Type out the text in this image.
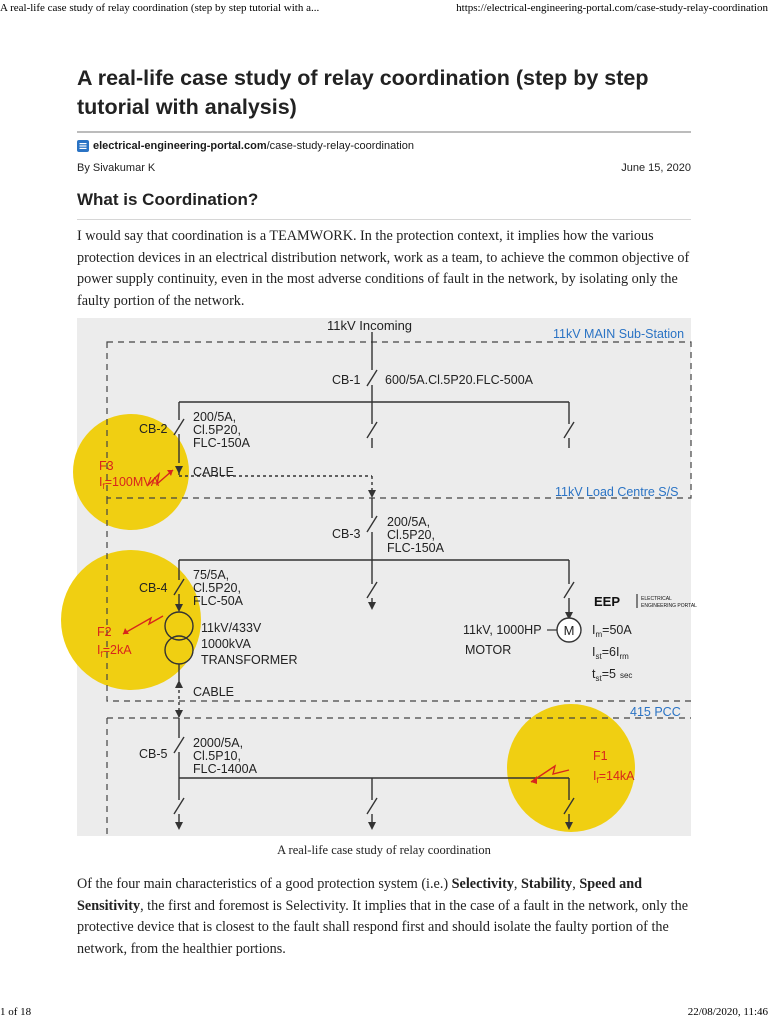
A real-life case study of relay coordination (step by step tutorial with a...	https://electrical-engineering-portal.com/case-study-relay-coordination
A real-life case study of relay coordination (step by step tutorial with analysis)
electrical-engineering-portal.com /case-study-relay-coordination
By Sivakumar K	June 15, 2020
What is Coordination?

I would say that coordination is a TEAMWORK. In the protection context, it implies how the various protection devices in an electrical distribution network, work as a team, to achieve the common objective of power supply continuity, even in the most adverse conditions of fault in the network, by isolating only the faulty portion of the network.

M
11kV Incoming
11kV MAIN Sub-Station
11kV Load Centre S/S
415 PCC
CB-1 600/5A.Cl.5P20.FLC-500A
CB-2
200/5A,
Cl.5P20,
FLC-150A
CABLE
CB-3
200/5A,
Cl.5P20,
FLC-150A
CB-4
75/5A,
Cl.5P20,
FLC-50A
11kV/433V
1000kVA
TRANSFORMER
CABLE
11kV, 1000HP
MOTOR
CB-5
2000/5A,
Cl.5P10,
FLC-1400A
$I_m=50A$
$I_{st}=6I_{rm}$
$t_{st}=5$ sec
F3
$I_f=100MVA$
F2
$I_f=2kA$
F1
$I_f=14kA$
EEP	ELECTRICAL
ENGINEERING PORTAL
A real-life case study of relay coordination

Of the four main characteristics of a good protection system (i.e.) Selectivity, Stability, Speed and Sensitivity, the first and foremost is Selectivity. It implies that in the case of a fault in the network, only the protective device that is closest to the fault shall respond first and should isolate the faulty portion of the network, from the healthier portions.

1 of 18	22/08/2020, 11:46
